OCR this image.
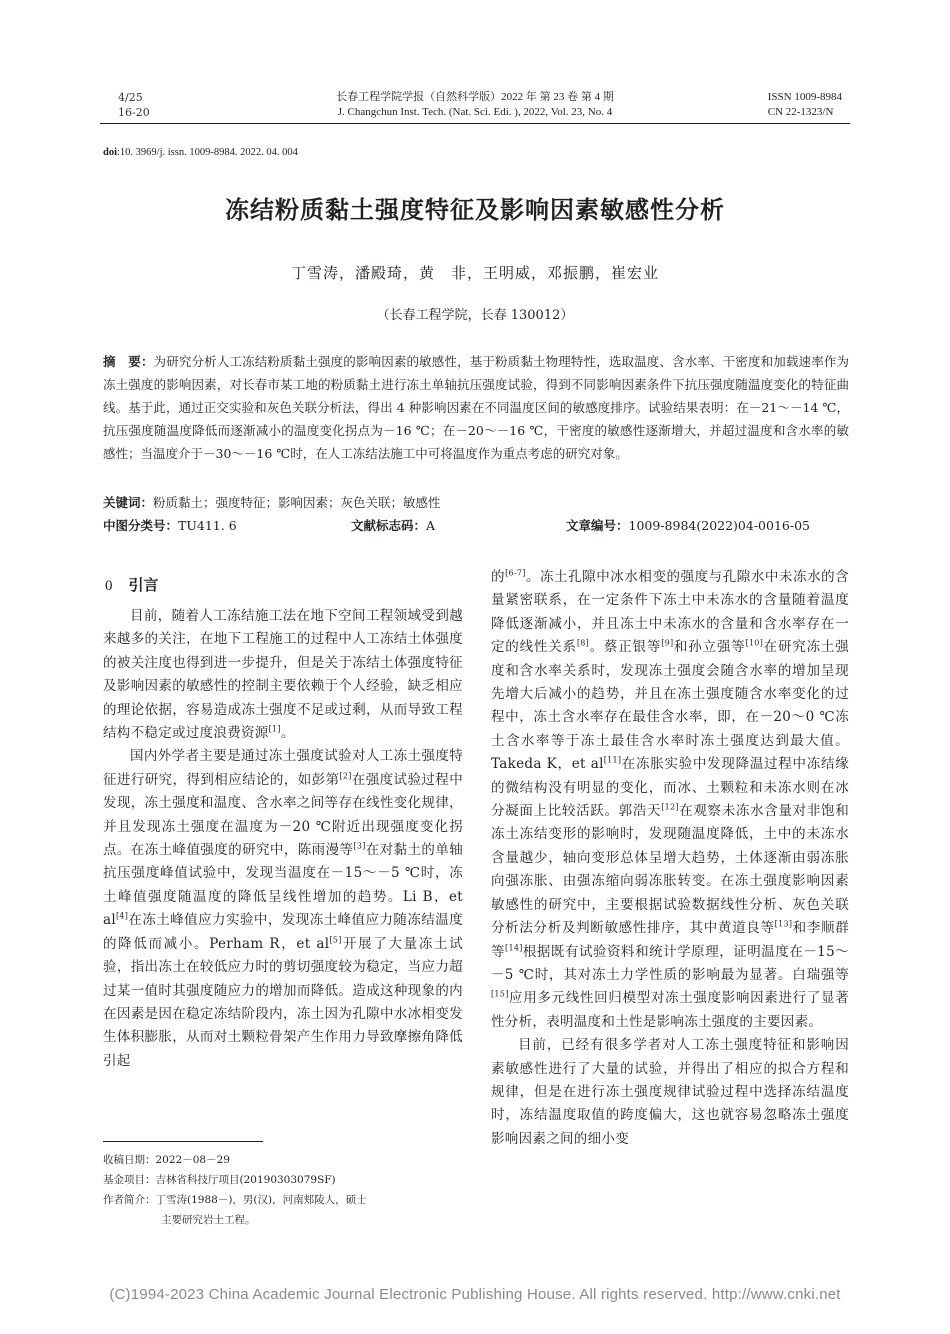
4/25
16-20
长春工程学院学报（自然科学版）2022 年 第 23 卷 第 4 期
J. Changchun Inst. Tech. (Nat. Sci. Edi. ), 2022, Vol. 23, No. 4
ISSN 1009-8984
CN 22-1323/N
doi:10. 3969/j. issn. 1009-8984. 2022. 04. 004
冻结粉质黏土强度特征及影响因素敏感性分析
丁雪涛，潘殿琦，黄　非，王明威，邓振鹏，崔宏业
（长春工程学院，长春 130012）
摘　要：为研究分析人工冻结粉质黏土强度的影响因素的敏感性，基于粉质黏土物理特性，选取温度、含水率、干密度和加载速率作为冻土强度的影响因素，对长春市某工地的粉质黏土进行冻土单轴抗压强度试验，得到不同影响因素条件下抗压强度随温度变化的特征曲线。基于此，通过正交实验和灰色关联分析法，得出 4 种影响因素在不同温度区间的敏感度排序。试验结果表明：在－21～－14 ℃，抗压强度随温度降低而逐渐减小的温度变化拐点为－16 ℃；在－20～－16 ℃，干密度的敏感性逐渐增大，并超过温度和含水率的敏感性；当温度介于－30～－16 ℃时，在人工冻结法施工中可将温度作为重点考虑的研究对象。
关键词：粉质黏土；强度特征；影响因素；灰色关联；敏感性
中图分类号：TU411. 6	文献标志码：A	文章编号：1009-8984(2022)04-0016-05
0 引言

目前，随着人工冻结施工法在地下空间工程领域受到越来越多的关注，在地下工程施工的过程中人工冻结土体强度的被关注度也得到进一步提升，但是关于冻结土体强度特征及影响因素的敏感性的控制主要依赖于个人经验，缺乏相应的理论依据，容易造成冻土强度不足或过剩，从而导致工程结构不稳定或过度浪费资源[1]。

国内外学者主要是通过冻土强度试验对人工冻土强度特征进行研究，得到相应结论的，如彭第[2]在强度试验过程中发现，冻土强度和温度、含水率之间等存在线性变化规律，并且发现冻土强度在温度为－20 ℃附近出现强度变化拐点。在冻土峰值强度的研究中，陈雨漫等[3]在对黏土的单轴抗压强度峰值试验中，发现当温度在－15～－5 ℃时，冻土峰值强度随温度的降低呈线性增加的趋势。Li B，et al[4]在冻土峰值应力实验中，发现冻土峰值应力随冻结温度的降低而减小。Perham R，et al[5]开展了大量冻土试验，指出冻土在较低应力时的剪切强度较为稳定，当应力超过某一值时其强度随应力的增加而降低。造成这种现象的内在因素是因在稳定冻结阶段内，冻土因为孔隙中水冰相变发生体积膨胀，从而对土颗粒骨架产生作用力导致摩擦角降低引起

的[6-7]。冻土孔隙中冰水相变的强度与孔隙水中未冻水的含量紧密联系，在一定条件下冻土中未冻水的含量随着温度降低逐渐减小，并且冻土中未冻水的含量和含水率存在一定的线性关系[8]。蔡正银等[9]和孙立强等[10]在研究冻土强度和含水率关系时，发现冻土强度会随含水率的增加呈现先增大后减小的趋势，并且在冻土强度随含水率变化的过程中，冻土含水率存在最佳含水率，即，在－20～0 ℃冻土含水率等于冻土最佳含水率时冻土强度达到最大值。Takeda K，et al[11]在冻胀实验中发现降温过程中冻结缘的微结构没有明显的变化，而冰、土颗粒和未冻水则在冰分凝面上比较活跃。郭浩天[12]在观察未冻水含量对非饱和冻土冻结变形的影响时，发现随温度降低，土中的未冻水含量越少，轴向变形总体呈增大趋势，土体逐渐由弱冻胀向强冻胀、由强冻缩向弱冻胀转变。在冻土强度影响因素敏感性的研究中，主要根据试验数据线性分析、灰色关联分析法分析及判断敏感性排序，其中黄道良等[13]和李顺群等[14]根据既有试验资料和统计学原理，证明温度在－15～－5 ℃时，其对冻土力学性质的影响最为显著。白瑞强等[15]应用多元线性回归模型对冻土强度影响因素进行了显著性分析，表明温度和土性是影响冻土强度的主要因素。

目前，已经有很多学者对人工冻土强度特征和影响因素敏感性进行了大量的试验，并得出了相应的拟合方程和规律，但是在进行冻土强度规律试验过程中选择冻结温度时，冻结温度取值的跨度偏大，这也就容易忽略冻土强度影响因素之间的细小变

收稿日期：2022－08－29
基金项目：吉林省科技厅项目(20190303079SF)
作者简介：丁雪涛(1988－)，男(汉)，河南郏陵人，硕士
主要研究岩土工程。
(C)1994-2023 China Academic Journal Electronic Publishing House. All rights reserved. http://www.cnki.net
